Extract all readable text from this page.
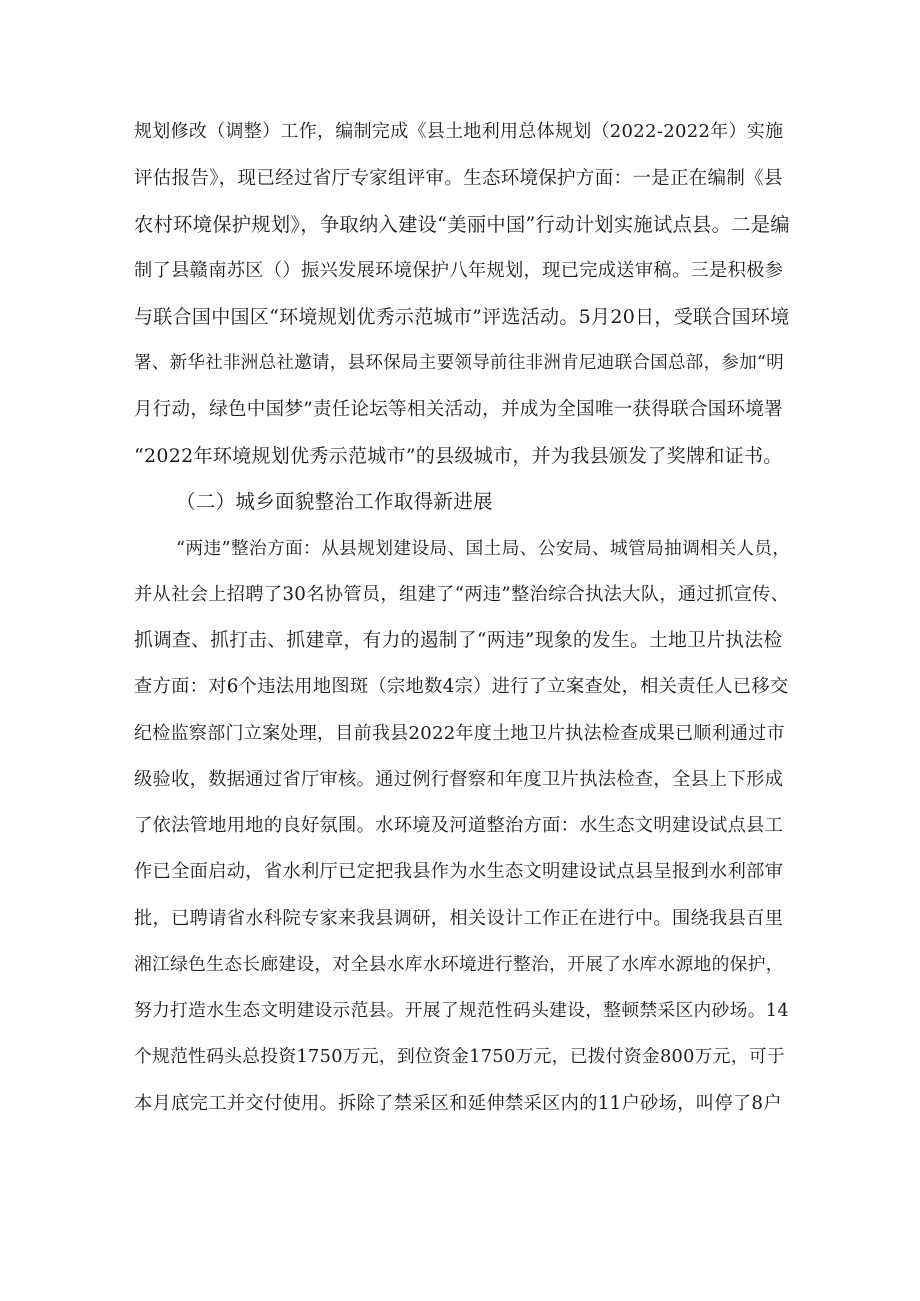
规划修改（调整）工作，编制完成《县土地利用总体规划（2022-2022年）实施
评估报告》，现已经过省厅专家组评审。生态环境保护方面：一是正在编制《县
农村环境保护规划》，争取纳入建设“美丽中国”行动计划实施试点县。二是编
制了县赣南苏区（）振兴发展环境保护八年规划，现已完成送审稿。三是积极参
与联合国中国区“环境规划优秀示范城市”评选活动。5月20日，受联合国环境
署、新华社非洲总社邀请，县环保局主要领导前往非洲肯尼迪联合国总部，参加“明
月行动，绿色中国梦”责任论坛等相关活动，并成为全国唯一获得联合国环境署
“2022年环境规划优秀示范城市”的县级城市，并为我县颁发了奖牌和证书。
（二）城乡面貌整治工作取得新进展
“两违”整治方面：从县规划建设局、国土局、公安局、城管局抽调相关人员，
并从社会上招聘了30名协管员，组建了“两违”整治综合执法大队，通过抓宣传、
抓调查、抓打击、抓建章，有力的遏制了“两违”现象的发生。土地卫片执法检
查方面：对6个违法用地图斑（宗地数4宗）进行了立案查处，相关责任人已移交
纪检监察部门立案处理，目前我县2022年度土地卫片执法检查成果已顺利通过市
级验收，数据通过省厅审核。通过例行督察和年度卫片执法检查，全县上下形成
了依法管地用地的良好氛围。水环境及河道整治方面：水生态文明建设试点县工
作已全面启动，省水利厅已定把我县作为水生态文明建设试点县呈报到水利部审
批，已聘请省水科院专家来我县调研，相关设计工作正在进行中。围绕我县百里
湘江绿色生态长廊建设，对全县水库水环境进行整治，开展了水库水源地的保护，
努力打造水生态文明建设示范县。开展了规范性码头建设，整顿禁采区内砂场。14
个规范性码头总投资1750万元，到位资金1750万元，已拨付资金800万元，可于
本月底完工并交付使用。拆除了禁采区和延伸禁采区内的11户砂场，叫停了8户
